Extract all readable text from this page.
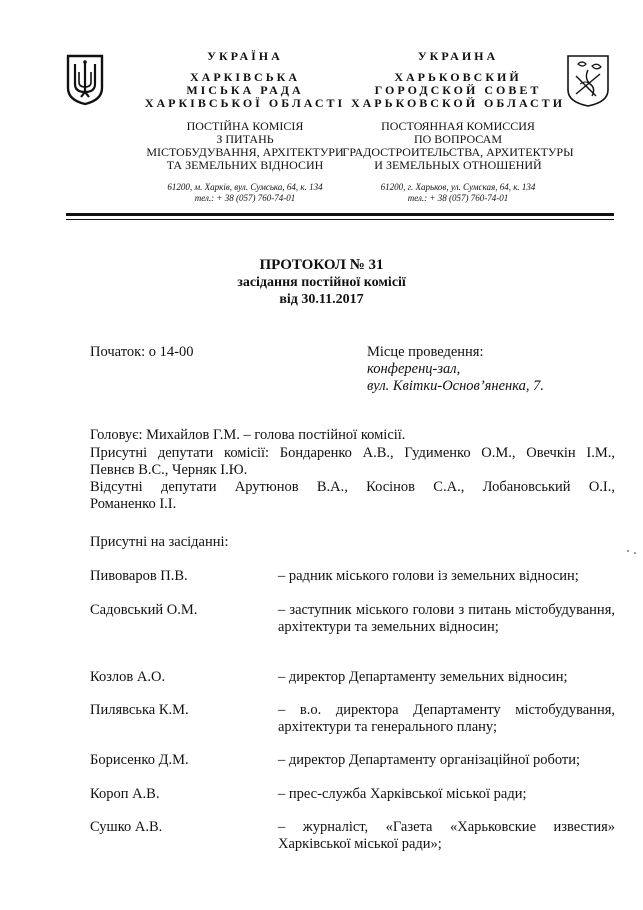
УКРАЇНА
ХАРКІВСЬКА
МІСЬКА РАДА
ХАРКІВСЬКОЇ ОБЛАСТІ
ПОСТІЙНА КОМІСІЯ
З ПИТАНЬ
МІСТОБУДУВАННЯ, АРХІТЕКТУРИ
ТА ЗЕМЕЛЬНИХ ВІДНОСИН
61200, м. Харків, вул. Сумська, 64, к. 134
тел.: + 38 (057) 760-74-01
УКРАИНА
ХАРЬКОВСКИЙ
ГОРОДСКОЙ СОВЕТ
ХАРЬКОВСКОЙ ОБЛАСТИ
ПОСТОЯННАЯ КОМИССИЯ
ПО ВОПРОСАМ
ГРАДОСТРОИТЕЛЬСТВА, АРХИТЕКТУРЫ
И ЗЕМЕЛЬНЫХ ОТНОШЕНИЙ
61200, г. Харьков, ул. Сумская, 64, к. 134
тел.: + 38 (057) 760-74-01
ПРОТОКОЛ № 31
засідання постійної комісії
від 30.11.2017
Початок: о 14-00	Місце проведення:
конференц-зал,
вул. Квітки-Основ’яненка, 7.
Головує: Михайлов Г.М. – голова постійної комісії.
Присутні депутати комісії: Бондаренко А.В., Гудименко О.М., Овечкін І.М.,
Певнєв В.С., Черняк І.Ю.
Відсутні депутати Арутюнов В.А., Косінов С.А., Лобановський О.І.,
Романенко І.І.
Присутні на засіданні:
Пивоваров П.В.	– радник міського голови із земельних відносин;
Садовський О.М.	– заступник міського голови з питань містобудування, архітектури та земельних відносин;
Козлов А.О.	– директор Департаменту земельних відносин;
Пилявська К.М.	– в.о. директора Департаменту містобудування, архітектури та генерального плану;
Борисенко Д.М.	– директор Департаменту організаційної роботи;
Короп А.В.	– прес-служба Харківської міської ради;
Сушко А.В.	– журналіст, «Газета «Харьковские известия» Харківської міської ради»;
